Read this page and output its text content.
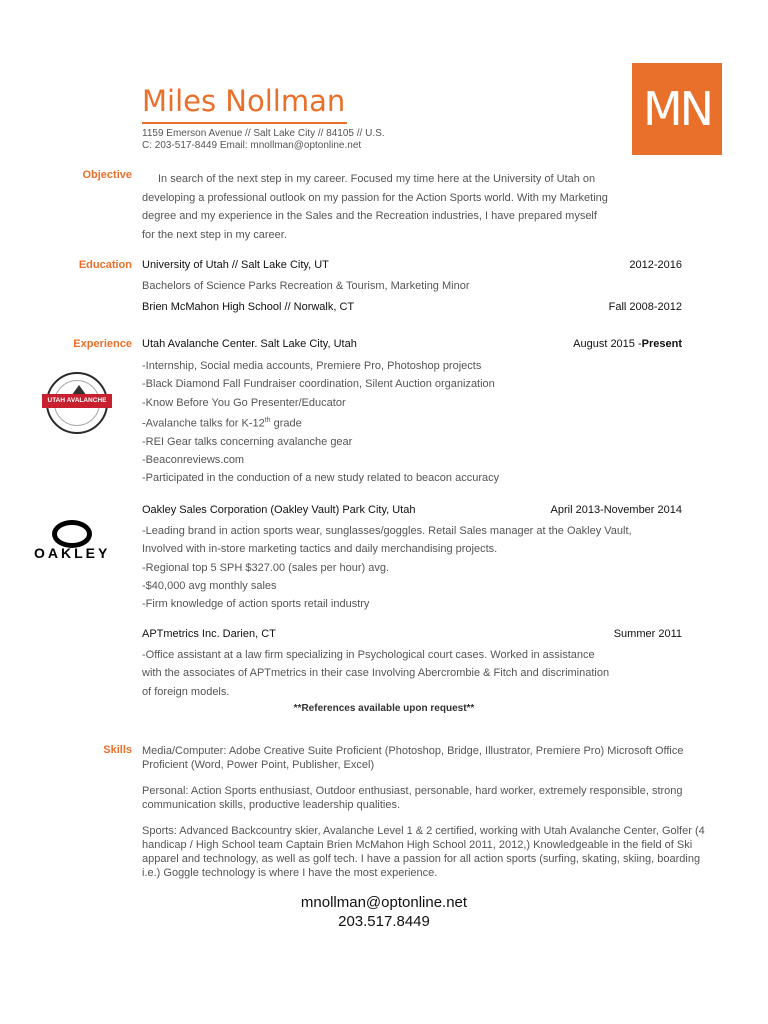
Miles Nollman
1159 Emerson Avenue // Salt Lake City // 84105 // U.S.
C: 203-517-8449 Email: mnollman@optonline.net
MN
Objective	In search of the next step in my career. Focused my time here at the University of Utah on
developing a professional outlook on my passion for the Action Sports world. With my Marketing
degree and my experience in the Sales and the Recreation industries, I have prepared myself
for the next step in my career.
Education University of Utah // Salt Lake City, UT	2012-2016
Bachelors of Science Parks Recreation & Tourism, Marketing Minor
Brien McMahon High School // Norwalk, CT	Fall 2008-2012
Experience Utah Avalanche Center. Salt Lake City, Utah	August 2015 -Present
-Internship, Social media accounts, Premiere Pro, Photoshop projects
-Black Diamond Fall Fundraiser coordination, Silent Auction organization
-Know Before You Go Presenter/Educator
-Avalanche talks for K-12th grade
-REI Gear talks concerning avalanche gear
-Beaconreviews.com
-Participated in the conduction of a new study related to beacon accuracy
UTAH AVALANCHE
Oakley Sales Corporation (Oakley Vault) Park City, Utah	April 2013-November 2014
-Leading brand in action sports wear, sunglasses/goggles. Retail Sales manager at the Oakley Vault,
Involved with in-store marketing tactics and daily merchandising projects.
-Regional top 5 SPH $327.00 (sales per hour) avg.
-$40,000 avg monthly sales
-Firm knowledge of action sports retail industry
OAKLEY
APTmetrics Inc. Darien, CT	Summer 2011
-Office assistant at a law firm specializing in Psychological court cases. Worked in assistance
with the associates of APTmetrics in their case Involving Abercrombie & Fitch and discrimination
of foreign models.
**References available upon request**
Skills Media/Computer: Adobe Creative Suite Proficient (Photoshop, Bridge, Illustrator, Premiere Pro) Microsoft Office Proficient (Word, Power Point, Publisher, Excel)

Personal: Action Sports enthusiast, Outdoor enthusiast, personable, hard worker, extremely responsible, strong communication skills, productive leadership qualities.

Sports: Advanced Backcountry skier, Avalanche Level 1 & 2 certified, working with Utah Avalanche Center, Golfer (4 handicap / High School team Captain Brien McMahon High School 2011, 2012,) Knowledgeable in the field of Ski apparel and technology, as well as golf tech. I have a passion for all action sports (surfing, skating, skiing, boarding i.e.) Goggle technology is where I have the most experience.

mnollman@optonline.net
203.517.8449
